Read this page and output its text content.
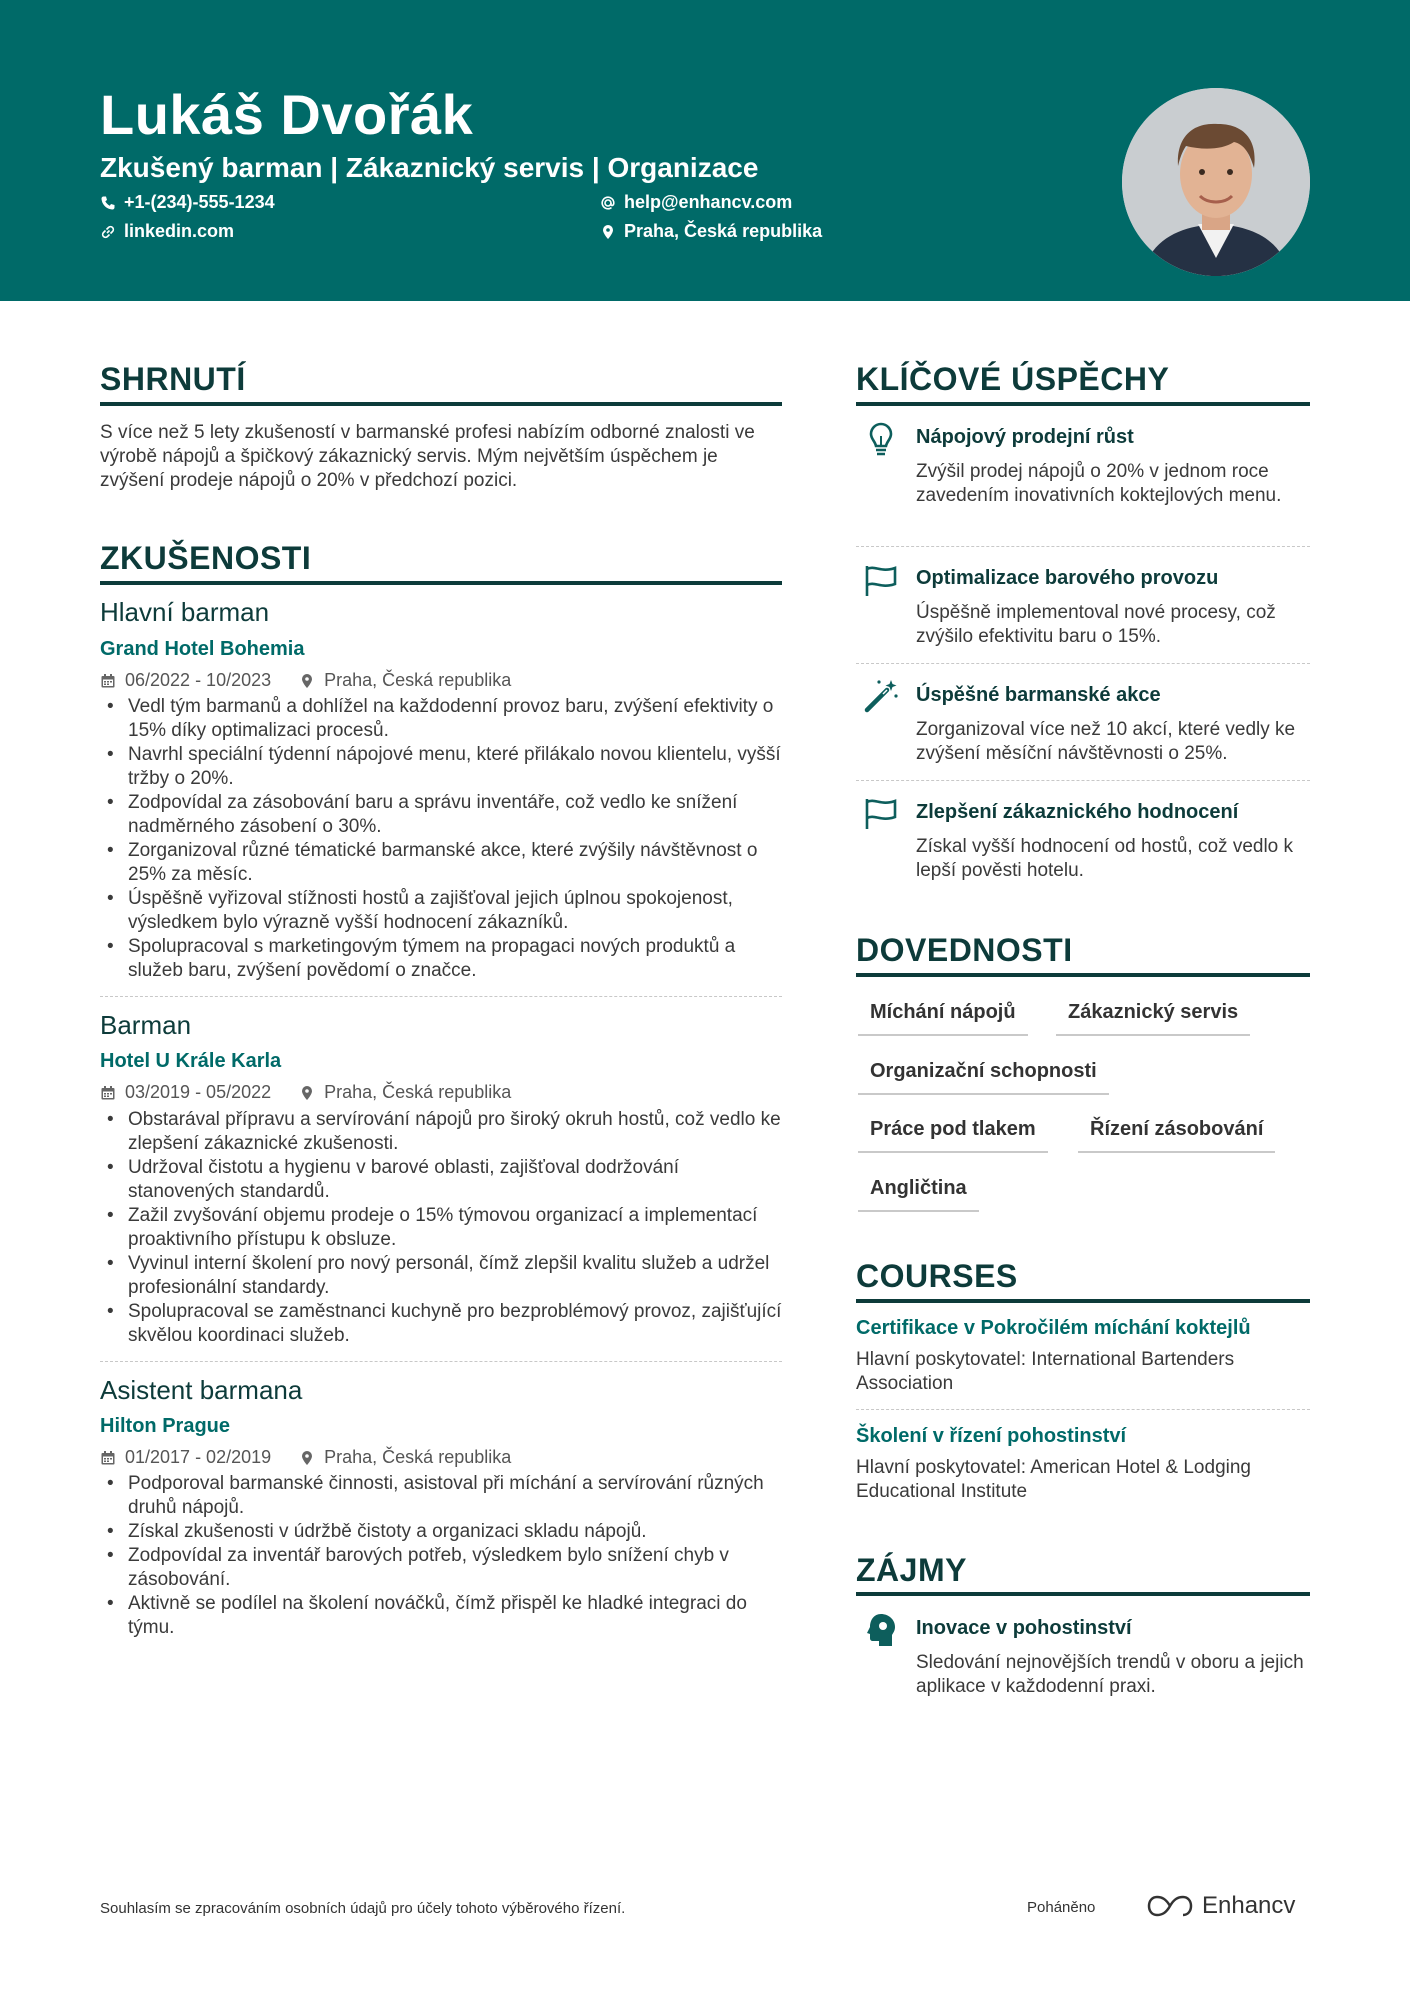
Lukáš Dvořák
Zkušený barman | Zákaznický servis | Organizace
+1-(234)-555-1234	help@enhancv.com
linkedin.com	Praha, Česká republika
SHRNUTÍ
S více než 5 lety zkušeností v barmanské profesi nabízím odborné znalosti ve výrobě nápojů a špičkový zákaznický servis. Mým největším úspěchem je zvýšení prodeje nápojů o 20% v předchozí pozici.
ZKUŠENOSTI
Hlavní barman
Grand Hotel Bohemia
06/2022 - 10/2023	Praha, Česká republika
• Vedl tým barmanů a dohlížel na každodenní provoz baru, zvýšení efektivity o 15% díky optimalizaci procesů.
• Navrhl speciální týdenní nápojové menu, které přilákalo novou klientelu, vyšší tržby o 20%.
• Zodpovídal za zásobování baru a správu inventáře, což vedlo ke snížení nadměrného zásobení o 30%.
• Zorganizoval různé tématické barmanské akce, které zvýšily návštěvnost o 25% za měsíc.
• Úspěšně vyřizoval stížnosti hostů a zajišťoval jejich úplnou spokojenost, výsledkem bylo výrazně vyšší hodnocení zákazníků.
• Spolupracoval s marketingovým týmem na propagaci nových produktů a služeb baru, zvýšení povědomí o značce.
Barman
Hotel U Krále Karla
03/2019 - 05/2022	Praha, Česká republika
• Obstarával přípravu a servírování nápojů pro široký okruh hostů, což vedlo ke zlepšení zákaznické zkušenosti.
• Udržoval čistotu a hygienu v barové oblasti, zajišťoval dodržování stanovených standardů.
• Zažil zvyšování objemu prodeje o 15% týmovou organizací a implementací proaktivního přístupu k obsluze.
• Vyvinul interní školení pro nový personál, čímž zlepšil kvalitu služeb a udržel profesionální standardy.
• Spolupracoval se zaměstnanci kuchyně pro bezproblémový provoz, zajišťující skvělou koordinaci služeb.
Asistent barmana
Hilton Prague
01/2017 - 02/2019	Praha, Česká republika
• Podporoval barmanské činnosti, asistoval při míchání a servírování různých druhů nápojů.
• Získal zkušenosti v údržbě čistoty a organizaci skladu nápojů.
• Zodpovídal za inventář barových potřeb, výsledkem bylo snížení chyb v zásobování.
• Aktivně se podílel na školení nováčků, čímž přispěl ke hladké integraci do týmu.
KLÍČOVÉ ÚSPĚCHY
Nápojový prodejní růst
Zvýšil prodej nápojů o 20% v jednom roce zavedením inovativních koktejlových menu.
Optimalizace barového provozu
Úspěšně implementoval nové procesy, což zvýšilo efektivitu baru o 15%.
Úspěšné barmanské akce
Zorganizoval více než 10 akcí, které vedly ke zvýšení měsíční návštěvnosti o 25%.
Zlepšení zákaznického hodnocení
Získal vyšší hodnocení od hostů, což vedlo k lepší pověsti hotelu.
DOVEDNOSTI
Míchání nápojů	Zákaznický servis
Organizační schopnosti
Práce pod tlakem	Řízení zásobování
Angličtina
COURSES
Certifikace v Pokročilém míchání koktejlů
Hlavní poskytovatel: International Bartenders Association
Školení v řízení pohostinství
Hlavní poskytovatel: American Hotel & Lodging Educational Institute
ZÁJMY
Inovace v pohostinství
Sledování nejnovějších trendů v oboru a jejich aplikace v každodenní praxi.
Souhlasím se zpracováním osobních údajů pro účely tohoto výběrového řízení.	Poháněno	Enhancv
